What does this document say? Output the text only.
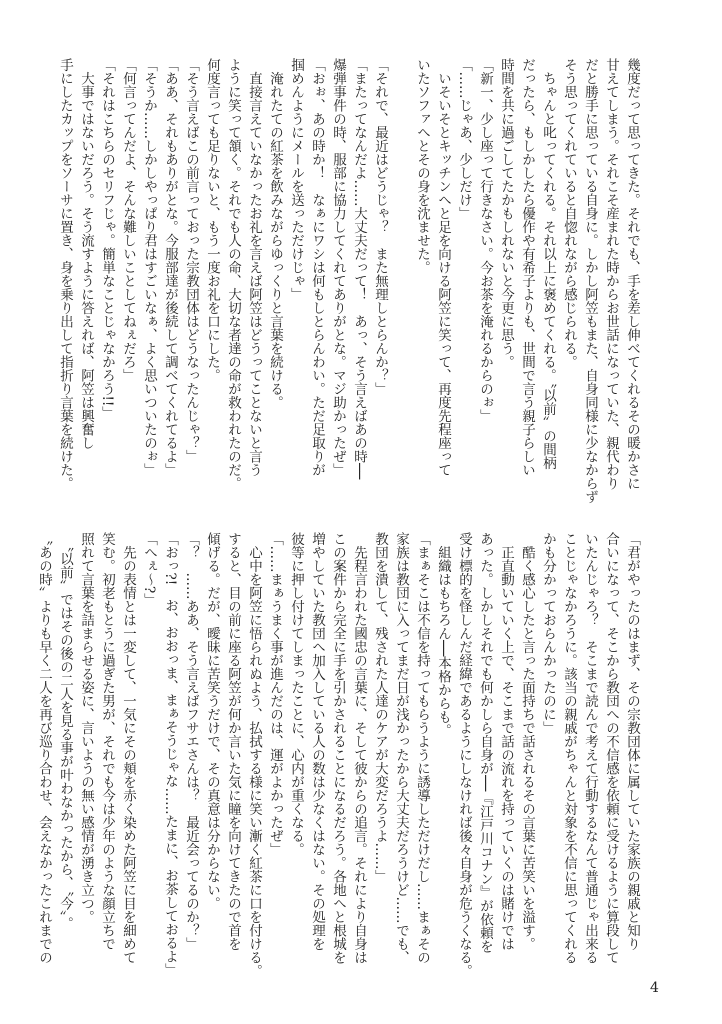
幾度だって思ってきた。それでも、手を差し伸べてくれるその暖かさに
甘えてしまう。それこそ産まれた時からお世話になっていた、親代わり
だと勝手に思っている自身に。しかし阿笠もまた、自身同様に少なからず
そう思ってくれていると自惚れながら感じられる。
　ちゃんと叱ってくれる。それ以上に褒めてくれる。〝以前〟の間柄
だったら、もしかしたら優作や有希子よりも、世間で言う親子らしい
時間を共に過ごしてたかもしれないと今更に思う。
「新一、少し座って行きなさい。今お茶を淹れるからのぉ」
「……じゃあ、少しだけ」
　いそいそとキッチンへと足を向ける阿笠に笑って、再度先程座って
いたソファへとその身を沈ませた。

「それで、最近はどうじゃ？　また無理しとらんか？」
「またってなんだよ……大丈夫だって！　あっ、そう言えばあの時──
爆弾事件の時、服部に協力してくれてありがとな。マジ助かったぜ」
「おぉ、あの時か！　なぁにワシは何もしとらんわい。ただ足取りが
掴めんようにメールを送っただけじゃ」
　淹れたての紅茶を飲みながらゆっくりと言葉を続ける。
　直接言えていなかったお礼を言えば阿笠はどうってことないと言う
ように笑って頷く。それでも人の命、大切な者達の命が救われたのだ。
何度言っても足りないと、もう一度お礼を口にした。
「そう言えばこの前言っておった宗教団体はどうなったんじゃ？」
「ああ、それもありがとな。今服部達が後続して調べてくれてるよ」
「そうか……しかしやっぱり君はすごいなぁ、よく思いついたのぉ」
「何言ってんだよ、そんな難しいことしてねぇだろ」
「それはこちらのセリフじゃ。簡単なことじゃなかろう!!」
　大事ではないだろう。そう流すように答えれば、阿笠は興奮し
手にしたカップをソーサに置き、身を乗り出して指折り言葉を続けた。
「君がやったのはまず、その宗教団体に属していた家族の親戚と知り
合いになって、そこから教団への不信感を依頼に受けるように算段して
いたんじゃろ？　そこまで読んで考えて行動するなんて普通じゃ出来る
ことじゃなかろうに。該当の親戚がちゃんと対象を不信に思ってくれる
かも分かっておらんかったのに」
　酷く感心したと言った面持ちで話されるその言葉に苦笑いを溢す。
　正直動いていく上で、そこまで話の流れを持っていくのは賭けでは
あった。しかしそれでも何かしら自身が──『江戸川コナン』が依頼を
受け標的を怪しんだ経緯であるようにしなければ後々自身が危うくなる。
　組織はもちろん──本格からも。
「まぁそこは不信を持ってもらうように誘導しただけだし……まぁその
家族は教団に入ってまだ日が浅かったから大丈夫だろうけど……でも、
教団を潰して、残された人達のケアが大変だろうよ……」
　先程言われた國忠の言葉に、そして彼からの追言。それにより自身は
この案件から完全に手を引かされることになるだろう。各地へと根城を
増やしていた教団へ加入している人の数は少なくはない。その処理を
彼等に押し付けてしまったことに、心内が重くなる。
「……まぁうまく事が進んだのは、運がよかったぜ」
　心中を阿笠に悟られぬよう、払拭する様に笑い漸く紅茶に口を付ける。
すると、目の前に座る阿笠が何か言いた気に瞳を向けてきたので首を
傾げる。だが、曖昧に苦笑うだけで、その真意は分からない。
「？　……ああ、そう言えばフサエさんは？　最近会ってるのか？」
「おっ?!　お、おおっま、まぁそうじゃな……たまに、お茶しておるよ」
「へぇ〜?」
　先の表情とは一変して、一気にその頬を赤く染めた阿笠に目を細めて
笑む。初老もとうに過ぎた男が、それでも今は少年のような顔立ちで
照れて言葉を詰まらせる姿に、言いようの無い感情が湧き立つ。
　〝以前〟ではその後の二人を見る事が叶わなかったから、〝今〟。
〝あの時〟よりも早く二人を再び巡り合わせ、会えなかったこれまでの
4
